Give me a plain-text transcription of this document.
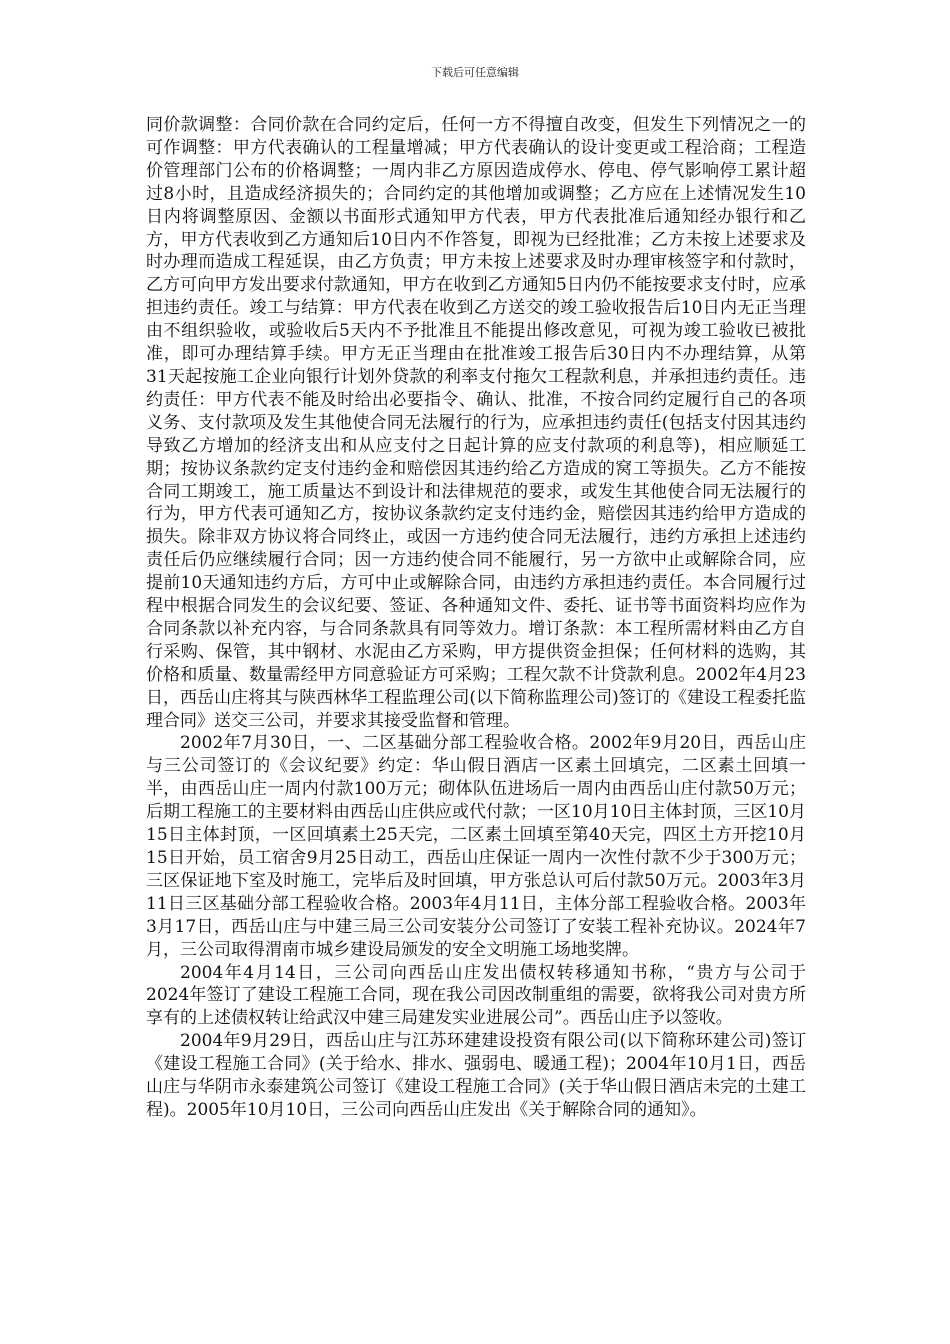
下载后可任意编辑

同价款调整：合同价款在合同约定后，任何一方不得擅自改变，但发生下列情况之一的可作调整：甲方代表确认的工程量增减；甲方代表确认的设计变更或工程洽商；工程造价管理部门公布的价格调整；一周内非乙方原因造成停水、停电、停气影响停工累计超过8小时，且造成经济损失的；合同约定的其他增加或调整；乙方应在上述情况发生10日内将调整原因、金额以书面形式通知甲方代表，甲方代表批准后通知经办银行和乙方，甲方代表收到乙方通知后10日内不作答复，即视为已经批准；乙方未按上述要求及时办理而造成工程延误，由乙方负责；甲方未按上述要求及时办理审核签字和付款时，乙方可向甲方发出要求付款通知，甲方在收到乙方通知5日内仍不能按要求支付时，应承担违约责任。竣工与结算：甲方代表在收到乙方送交的竣工验收报告后10日内无正当理由不组织验收，或验收后5天内不予批准且不能提出修改意见，可视为竣工验收已被批准，即可办理结算手续。甲方无正当理由在批准竣工报告后30日内不办理结算，从第 31天起按施工企业向银行计划外贷款的利率支付拖欠工程款利息，并承担违约责任。违约责任：甲方代表不能及时给出必要指令、确认、批准，不按合同约定履行自己的各项义务、支付款项及发生其他使合同无法履行的行为，应承担违约责任(包括支付因其违约导致乙方增加的经济支出和从应支付之日起计算的应支付款项的利息等)，相应顺延工期；按协议条款约定支付违约金和赔偿因其违约给乙方造成的窝工等损失。乙方不能按合同工期竣工，施工质量达不到设计和法律规范的要求，或发生其他使合同无法履行的行为，甲方代表可通知乙方，按协议条款约定支付违约金，赔偿因其违约给甲方造成的损失。除非双方协议将合同终止，或因一方违约使合同无法履行，违约方承担上述违约责任后仍应继续履行合同；因一方违约使合同不能履行，另一方欲中止或解除合同，应提前10天通知违约方后，方可中止或解除合同，由违约方承担违约责任。本合同履行过程中根据合同发生的会议纪要、签证、各种通知文件、委托、证书等书面资料均应作为合同条款以补充内容，与合同条款具有同等效力。增订条款：本工程所需材料由乙方自行采购、保管，其中钢材、水泥由乙方采购，甲方提供资金担保；任何材料的选购，其价格和质量、数量需经甲方同意验证方可采购；工程欠款不计贷款利息。2002年4月23日，西岳山庄将其与陕西林华工程监理公司(以下简称监理公司)签订的《建设工程委托监理合同》送交三公司，并要求其接受监督和管理。

2002年7月30日，一、二区基础分部工程验收合格。2002年9月20日，西岳山庄与三公司签订的《会议纪要》约定：华山假日酒店一区素土回填完，二区素土回填一半，由西岳山庄一周内付款100万元；砌体队伍进场后一周内由西岳山庄付款50万元；后期工程施工的主要材料由西岳山庄供应或代付款；一区10月10日主体封顶，三区10月15日主体封顶，一区回填素土25天完，二区素土回填至第40天完，四区土方开挖10月15日开始，员工宿舍9月25日动工，西岳山庄保证一周内一次性付款不少于300万元；三区保证地下室及时施工，完毕后及时回填，甲方张总认可后付款50万元。2003年3月11日三区基础分部工程验收合格。2003年4月11日，主体分部工程验收合格。2003年3月17日，西岳山庄与中建三局三公司安装分公司签订了安装工程补充协议。2024年7月，三公司取得渭南市城乡建设局颁发的安全文明施工场地奖牌。

2004年4月14日，三公司向西岳山庄发出债权转移通知书称，“贵方与公司于 2024年签订了建设工程施工合同，现在我公司因改制重组的需要，欲将我公司对贵方所享有的上述债权转让给武汉中建三局建发实业进展公司”。西岳山庄予以签收。

2004年9月29日，西岳山庄与江苏环建建设投资有限公司(以下简称环建公司)签订《建设工程施工合同》(关于给水、排水、强弱电、暖通工程)；2004年10月1日，西岳山庄与华阴市永泰建筑公司签订《建设工程施工合同》(关于华山假日酒店未完的土建工程)。2005年10月10日，三公司向西岳山庄发出《关于解除合同的通知》。
